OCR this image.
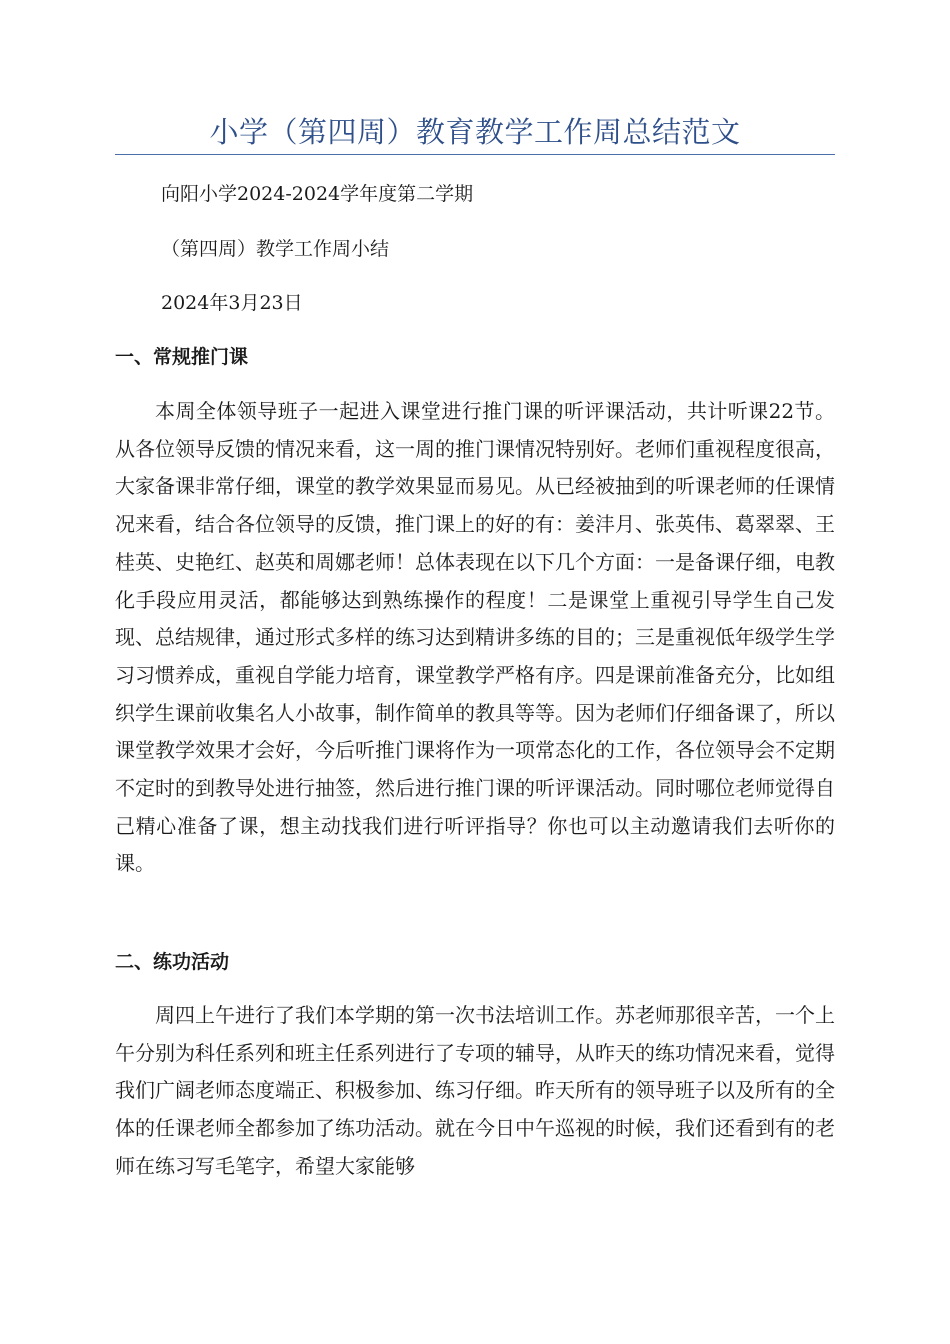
小学（第四周）教育教学工作周总结范文
向阳小学2024-2024学年度第二学期
（第四周）教学工作周小结
2024年3月23日
一、常规推门课

本周全体领导班子一起进入课堂进行推门课的听评课活动，共计听课22节。从各位领导反馈的情况来看，这一周的推门课情况特别好。老师们重视程度很高，大家备课非常仔细，课堂的教学效果显而易见。从已经被抽到的听课老师的任课情况来看，结合各位领导的反馈，推门课上的好的有：姜沣月、张英伟、葛翠翠、王桂英、史艳红、赵英和周娜老师！总体表现在以下几个方面：一是备课仔细，电教化手段应用灵活，都能够达到熟练操作的程度！二是课堂上重视引导学生自己发现、总结规律，通过形式多样的练习达到精讲多练的目的；三是重视低年级学生学习习惯养成，重视自学能力培育，课堂教学严格有序。四是课前准备充分，比如组织学生课前收集名人小故事，制作简单的教具等等。因为老师们仔细备课了，所以课堂教学效果才会好，今后听推门课将作为一项常态化的工作，各位领导会不定期不定时的到教导处进行抽签，然后进行推门课的听评课活动。同时哪位老师觉得自己精心准备了课，想主动找我们进行听评指导？你也可以主动邀请我们去听你的课。

二、练功活动

周四上午进行了我们本学期的第一次书法培训工作。苏老师那很辛苦，一个上午分别为科任系列和班主任系列进行了专项的辅导，从昨天的练功情况来看，觉得我们广阔老师态度端正、积极参加、练习仔细。昨天所有的领导班子以及所有的全体的任课老师全都参加了练功活动。就在今日中午巡视的时候，我们还看到有的老师在练习写毛笔字，希望大家能够
